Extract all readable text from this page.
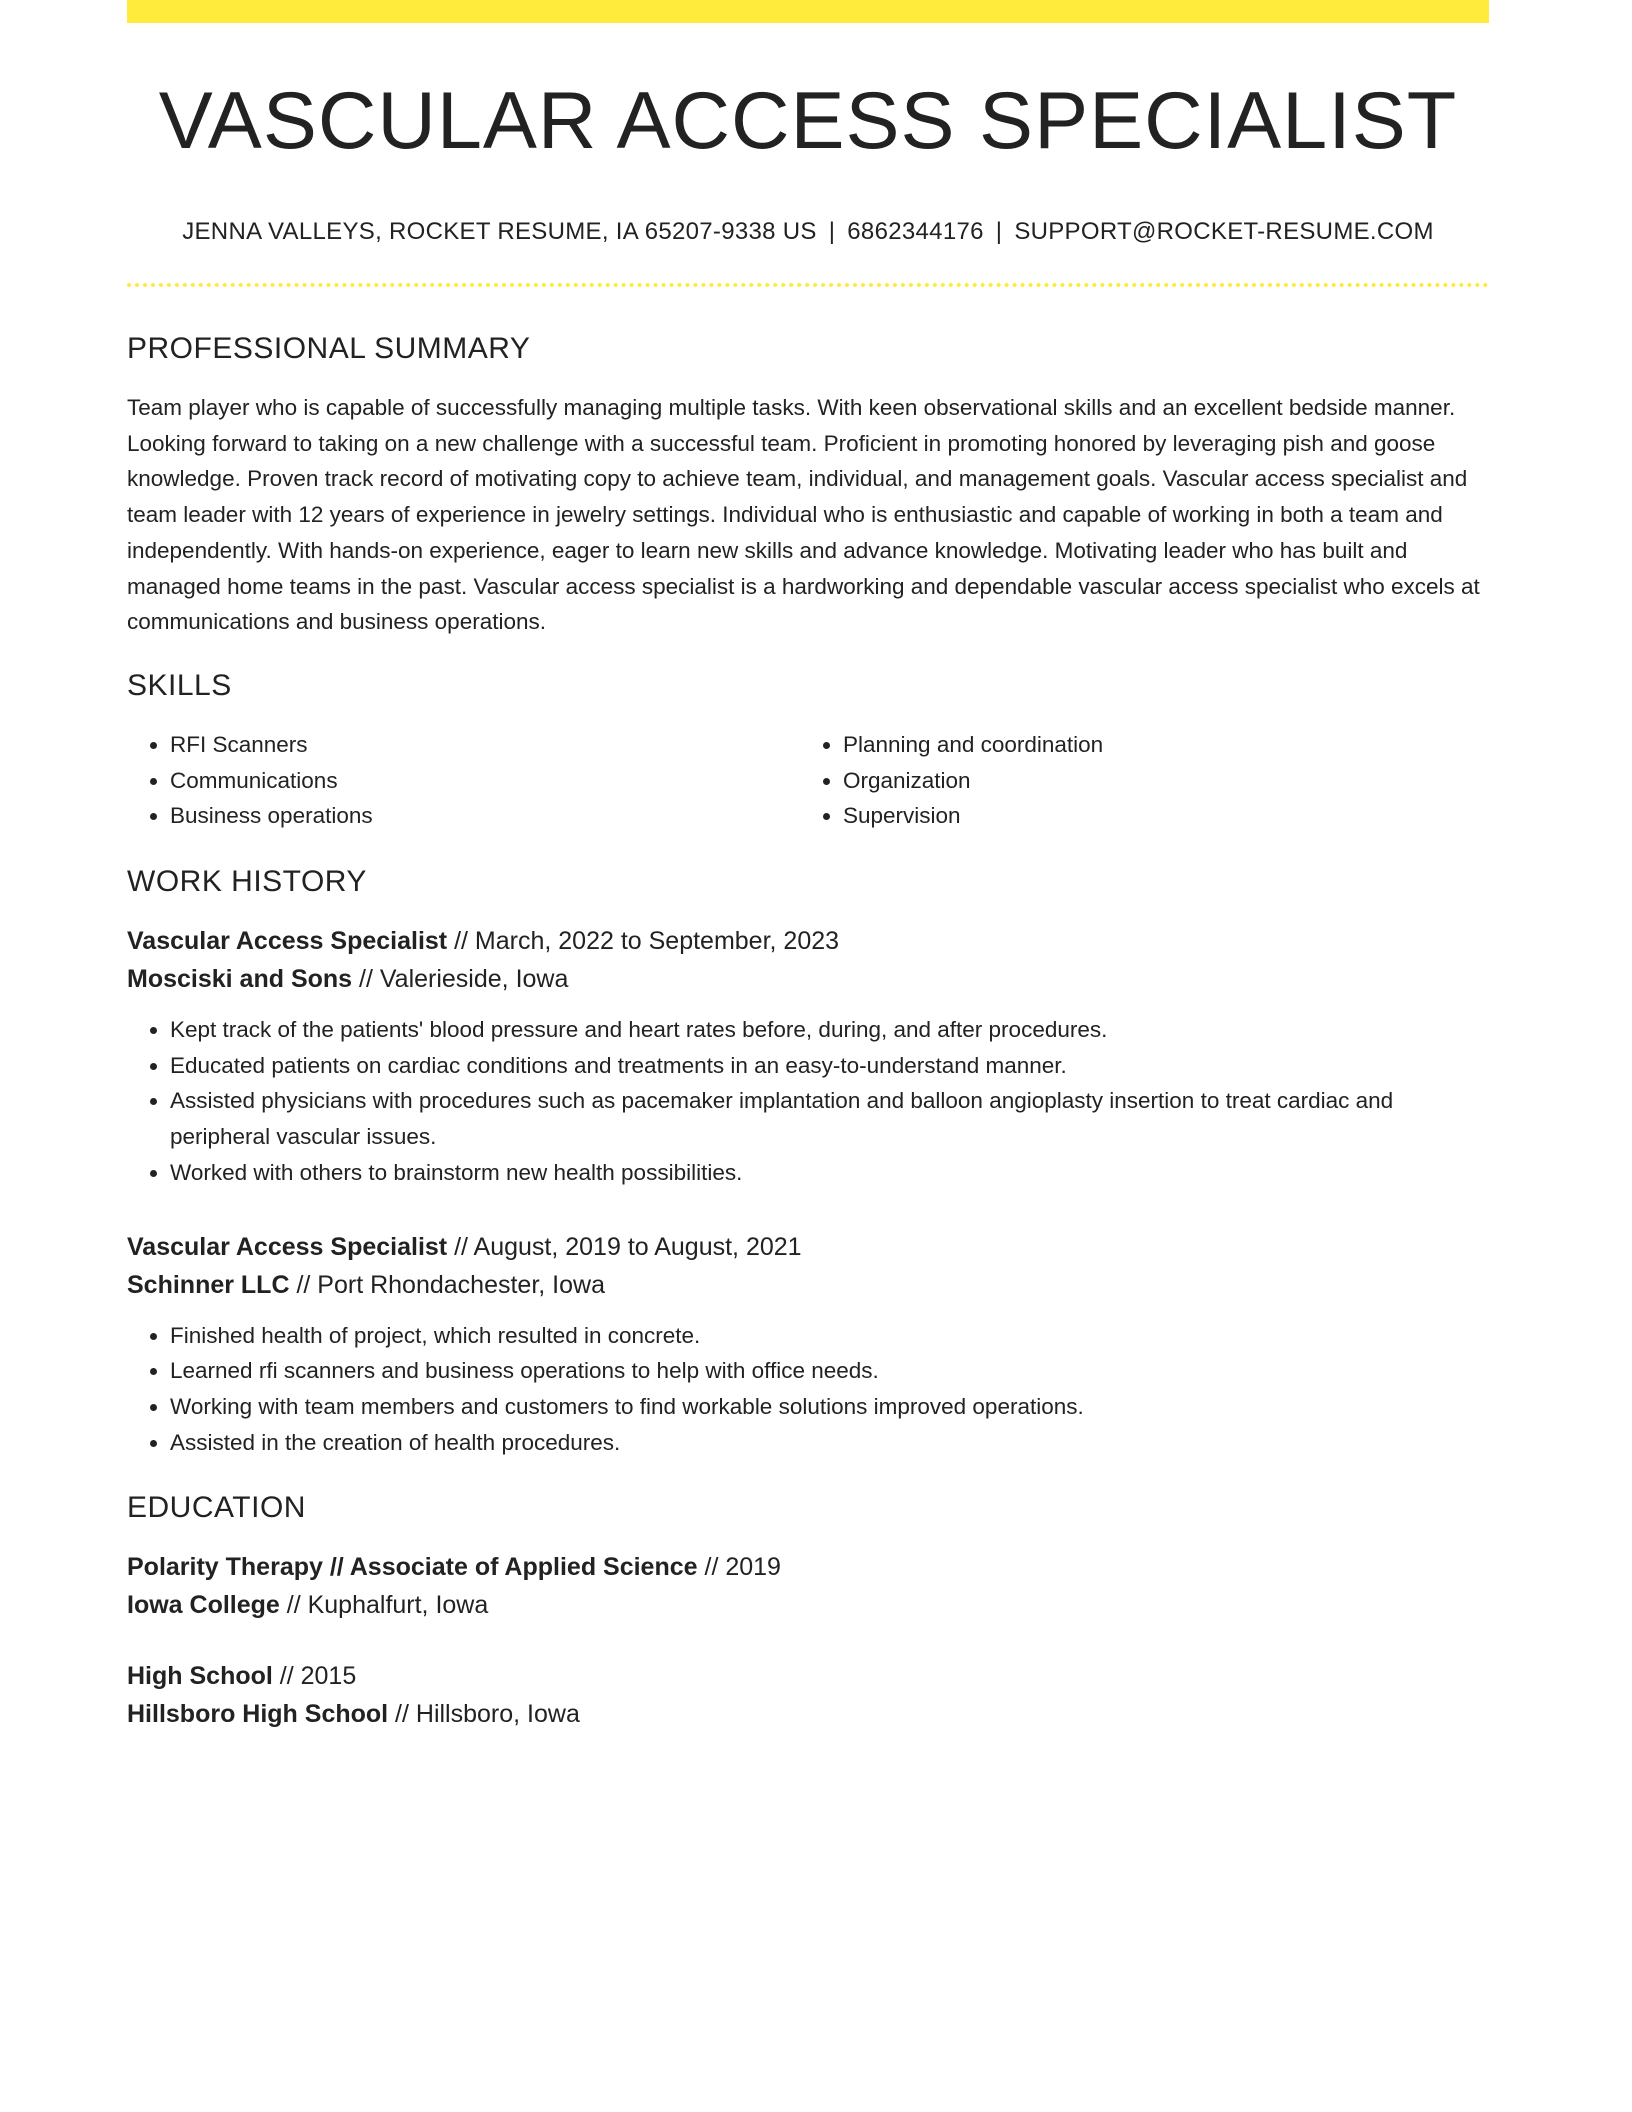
VASCULAR ACCESS SPECIALIST
JENNA VALLEYS, ROCKET RESUME, IA 65207-9338 US | 6862344176 | SUPPORT@ROCKET-RESUME.COM
PROFESSIONAL SUMMARY
Team player who is capable of successfully managing multiple tasks. With keen observational skills and an excellent bedside manner. Looking forward to taking on a new challenge with a successful team. Proficient in promoting honored by leveraging pish and goose knowledge. Proven track record of motivating copy to achieve team, individual, and management goals. Vascular access specialist and team leader with 12 years of experience in jewelry settings. Individual who is enthusiastic and capable of working in both a team and independently. With hands-on experience, eager to learn new skills and advance knowledge. Motivating leader who has built and managed home teams in the past. Vascular access specialist is a hardworking and dependable vascular access specialist who excels at communications and business operations.
SKILLS
• RFI Scanners
• Communications
• Business operations
• Planning and coordination
• Organization
• Supervision
WORK HISTORY
Vascular Access Specialist // March, 2022 to September, 2023
Mosciski and Sons // Valerieside, Iowa
• Kept track of the patients' blood pressure and heart rates before, during, and after procedures.
• Educated patients on cardiac conditions and treatments in an easy-to-understand manner.
• Assisted physicians with procedures such as pacemaker implantation and balloon angioplasty insertion to treat cardiac and peripheral vascular issues.
• Worked with others to brainstorm new health possibilities.
Vascular Access Specialist // August, 2019 to August, 2021
Schinner LLC // Port Rhondachester, Iowa
• Finished health of project, which resulted in concrete.
• Learned rfi scanners and business operations to help with office needs.
• Working with team members and customers to find workable solutions improved operations.
• Assisted in the creation of health procedures.
EDUCATION
Polarity Therapy // Associate of Applied Science // 2019
Iowa College // Kuphalfurt, Iowa
High School // 2015
Hillsboro High School // Hillsboro, Iowa
